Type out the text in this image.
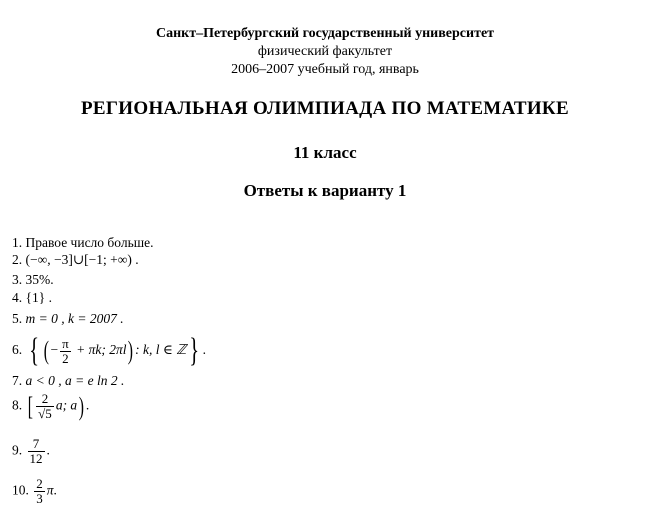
Санкт–Петербургский государственный университет
физический факультет
2006–2007 учебный год, январь
РЕГИОНАЛЬНАЯ ОЛИМПИАДА ПО МАТЕМАТИКЕ
11 класс
Ответы к варианту 1
1. Правое число больше.
2. (−∞, −3]∪[−1; +∞) .
3. 35%.
4. {1} .
5. m = 0 , k = 2007 .
6. { ( − $\frac{\pi}{2} + \pi k$; 2πl) : k, l ∈ ℤ} .
7. a < 0 , a = e ln 2 .
8. [ $\frac{2}{√5} a$; a) .
9. $\frac{7}{12}$ .
10. $\frac{2}{3} \pi$.
